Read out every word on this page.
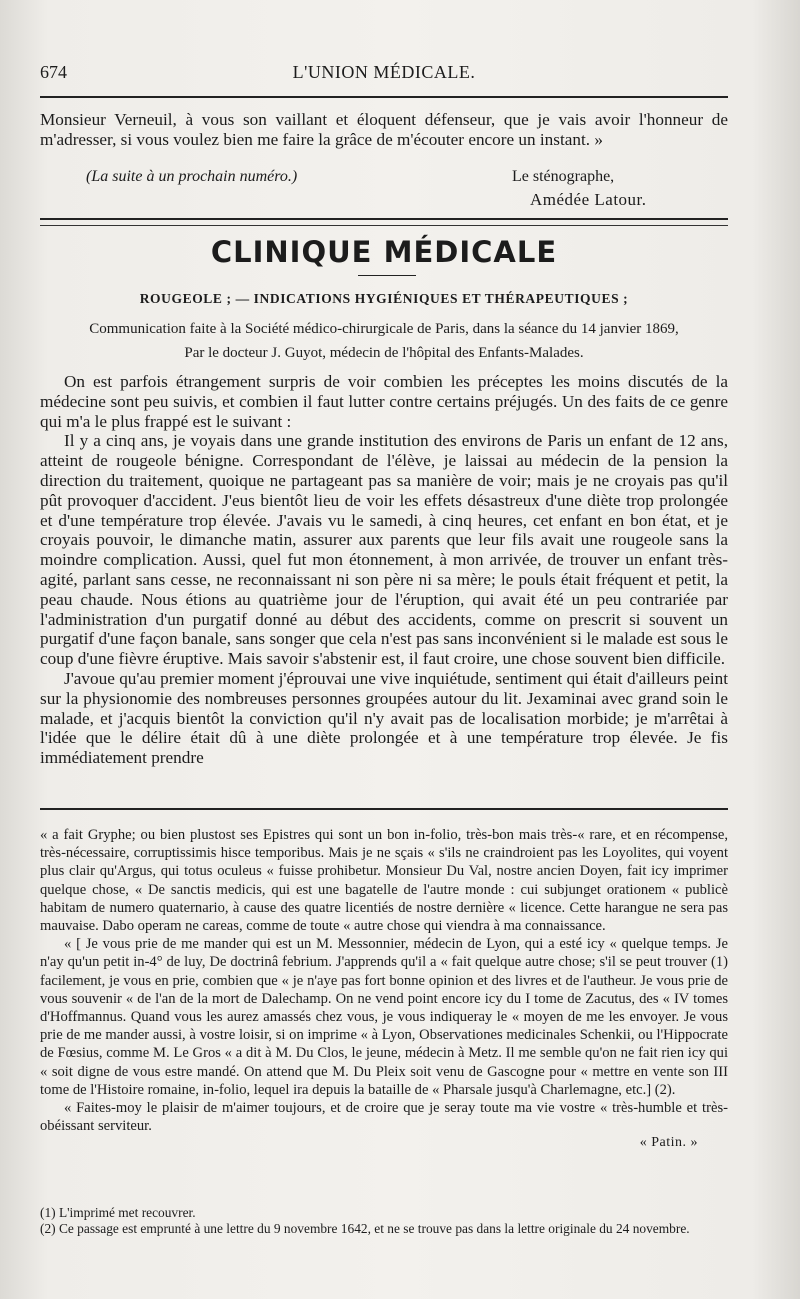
674	L'UNION MÉDICALE.

Monsieur Verneuil, à vous son vaillant et éloquent défenseur, que je vais avoir l'honneur de m'adresser, si vous voulez bien me faire la grâce de m'écouter encore un instant. »

(La suite à un prochain numéro.)	Le sténographe,
Amédée Latour.
CLINIQUE MÉDICALE
ROUGEOLE ; — INDICATIONS HYGIÉNIQUES ET THÉRAPEUTIQUES ;
Communication faite à la Société médico-chirurgicale de Paris, dans la séance du 14 janvier 1869,
Par le docteur J. Guyot, médecin de l'hôpital des Enfants-Malades.

On est parfois étrangement surpris de voir combien les préceptes les moins discutés de la médecine sont peu suivis, et combien il faut lutter contre certains préjugés. Un des faits de ce genre qui m'a le plus frappé est le suivant :

Il y a cinq ans, je voyais dans une grande institution des environs de Paris un enfant de 12 ans, atteint de rougeole bénigne. Correspondant de l'élève, je laissai au médecin de la pension la direction du traitement, quoique ne partageant pas sa manière de voir; mais je ne croyais pas qu'il pût provoquer d'accident. J'eus bientôt lieu de voir les effets désastreux d'une diète trop prolongée et d'une température trop élevée. J'avais vu le samedi, à cinq heures, cet enfant en bon état, et je croyais pouvoir, le dimanche matin, assurer aux parents que leur fils avait une rougeole sans la moindre complication. Aussi, quel fut mon étonnement, à mon arrivée, de trouver un enfant très-agité, parlant sans cesse, ne reconnaissant ni son père ni sa mère; le pouls était fréquent et petit, la peau chaude. Nous étions au quatrième jour de l'éruption, qui avait été un peu contrariée par l'administration d'un purgatif donné au début des accidents, comme on prescrit si souvent un purgatif d'une façon banale, sans songer que cela n'est pas sans inconvénient si le malade est sous le coup d'une fièvre éruptive. Mais savoir s'abstenir est, il faut croire, une chose souvent bien difficile.

J'avoue qu'au premier moment j'éprouvai une vive inquiétude, sentiment qui était d'ailleurs peint sur la physionomie des nombreuses personnes groupées autour du lit. Jexaminai avec grand soin le malade, et j'acquis bientôt la conviction qu'il n'y avait pas de localisation morbide; je m'arrêtai à l'idée que le délire était dû à une diète prolongée et à une température trop élevée. Je fis immédiatement prendre

« a fait Gryphe; ou bien plustost ses Epistres qui sont un bon in-folio, très-bon mais très-« rare, et en récompense, très-nécessaire, corruptissimis hisce temporibus. Mais je ne sçais « s'ils ne craindroient pas les Loyolites, qui voyent plus clair qu'Argus, qui totus oculeus « fuisse prohibetur. Monsieur Du Val, nostre ancien Doyen, fait icy imprimer quelque chose, « De sanctis medicis, qui est une bagatelle de l'autre monde : cui subjunget orationem « publicè habitam de numero quaternario, à cause des quatre licentiés de nostre dernière « licence. Cette harangue ne sera pas mauvaise. Dabo operam ne careas, comme de toute « autre chose qui viendra à ma connaissance.

« [ Je vous prie de me mander qui est un M. Messonnier, médecin de Lyon, qui a esté icy « quelque temps. Je n'ay qu'un petit in-4° de luy, De doctrinâ febrium. J'apprends qu'il a « fait quelque autre chose; s'il se peut trouver (1) facilement, je vous en prie, combien que « je n'aye pas fort bonne opinion et des livres et de l'autheur. Je vous prie de vous souvenir « de l'an de la mort de Dalechamp. On ne vend point encore icy du I tome de Zacutus, des « IV tomes d'Hoffmannus. Quand vous les aurez amassés chez vous, je vous indiqueray le « moyen de me les envoyer. Je vous prie de me mander aussi, à vostre loisir, si on imprime « à Lyon, Observationes medicinales Schenkii, ou l'Hippocrate de Fœsius, comme M. Le Gros « a dit à M. Du Clos, le jeune, médecin à Metz. Il me semble qu'on ne fait rien icy qui « soit digne de vous estre mandé. On attend que M. Du Pleix soit venu de Gascogne pour « mettre en vente son III tome de l'Histoire romaine, in-folio, lequel ira depuis la bataille de « Pharsale jusqu'à Charlemagne, etc.] (2).

« Faites-moy le plaisir de m'aimer toujours, et de croire que je seray toute ma vie vostre « très-humble et très-obéissant serviteur.

« Patin. »

(1) L'imprimé met recouvrer.

(2) Ce passage est emprunté à une lettre du 9 novembre 1642, et ne se trouve pas dans la lettre originale du 24 novembre.
